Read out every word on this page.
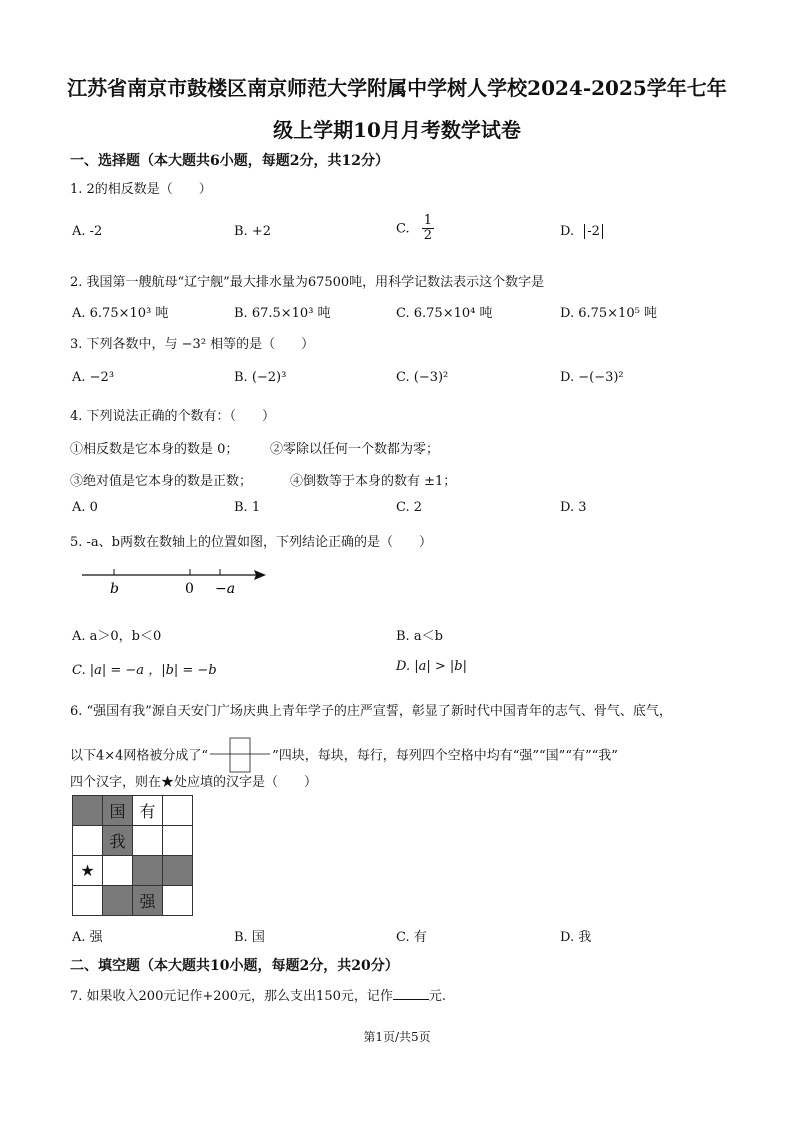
江苏省南京市鼓楼区南京师范大学附属中学树人学校2024-2025学年七年
级上学期10月月考数学试卷
一、选择题（本大题共6小题，每题2分，共12分）
1. 2的相反数是（　　）
A. -2	B. +2	C. $\frac{1}{2}$	D. -2
2. 我国第一艘航母“辽宁舰”最大排水量为67500吨，用科学记数法表示这个数字是
A. 6.75×10³ 吨	B. 67.5×10³ 吨	C. 6.75×10⁴ 吨	D. 6.75×10⁵ 吨
3. 下列各数中，与 −3² 相等的是（　　）
A. −2³	B. (−2)³	C. (−3)²	D. −(−3)²
4. 下列说法正确的个数有：（　　）
①相反数是它本身的数是 0； ②零除以任何一个数都为零；
③绝对值是它本身的数是正数；	④倒数等于本身的数有 ±1；
A. 0	B. 1	C. 2	D. 3
5. -a、b两数在数轴上的位置如图，下列结论正确的是（　　）
b	0 −a
A. a＞0，b＜0	B. a＜b
C. |a| = −a ，|b| = −b	D. |a| > |b|
6. “强国有我”源自天安门广场庆典上青年学子的庄严宣誓，彰显了新时代中国青年的志气、骨气、底气，
以下4×4网格被分成了“	”四块，每块，每行，每列四个空格中均有“强”“国”“有”“我”
四个汉字，则在★处应填的汉字是（　　）
	国	有	
	我		
★			
		强	
A. 强	B. 国	C. 有	D. 我
二、填空题（本大题共10小题，每题2分，共20分）
7. 如果收入200元记作+200元，那么支出150元，记作	元.
第1页/共5页
